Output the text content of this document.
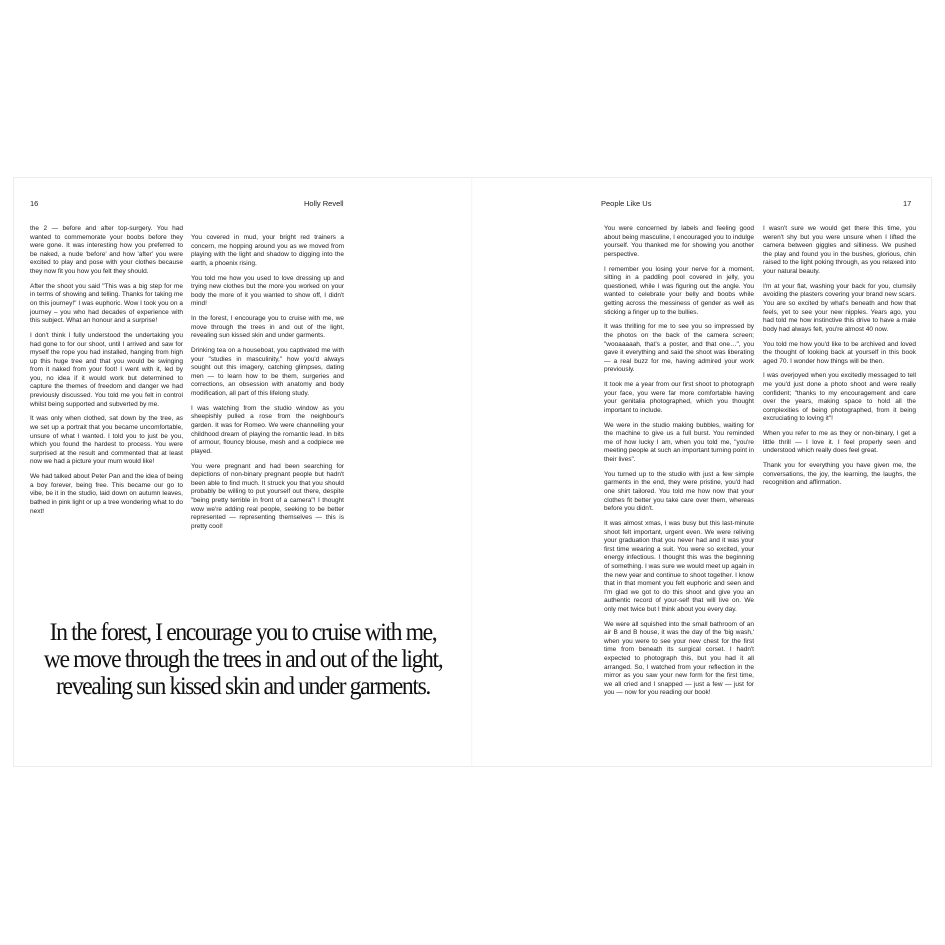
16	Holly Revell

the 2 — before and after top-surgery. You had wanted to commemorate your boobs before they were gone. It was interesting how you preferred to be naked, a nude 'before' and how 'after' you were excited to play and pose with your clothes because they now fit you how you felt they should.

After the shoot you said "This was a big step for me in terms of showing and telling. Thanks for taking me on this journey!" I was euphoric. Wow I took you on a journey – you who had decades of experience with this subject. What an honour and a surprise!

I don't think I fully understood the undertaking you had gone to for our shoot, until I arrived and saw for myself the rope you had installed, hanging from high up this huge tree and that you would be swinging from it naked from your foot! I went with it, led by you, no idea if it would work but determined to capture the themes of freedom and danger we had previously discussed. You told me you felt in control whilst being supported and subverted by me.

It was only when clothed, sat down by the tree, as we set up a portrait that you became uncomfortable, unsure of what I wanted. I told you to just be you, which you found the hardest to process. You were surprised at the result and commented that at least now we had a picture your mum would like!

We had talked about Peter Pan and the idea of being a boy forever, being free. This became our go to vibe, be it in the studio, laid down on autumn leaves, bathed in pink light or up a tree wondering what to do next!

You covered in mud, your bright red trainers a concern, me hopping around you as we moved from playing with the light and shadow to digging into the earth, a phoenix rising.

You told me how you used to love dressing up and trying new clothes but the more you worked on your body the more of it you wanted to show off, I didn't mind!

In the forest, I encourage you to cruise with me, we move through the trees in and out of the light, revealing sun kissed skin and under garments.

Drinking tea on a houseboat, you captivated me with your "studies in masculinity," how you'd always sought out this imagery, catching glimpses, dating men — to learn how to be them, surgeries and corrections, an obsession with anatomy and body modification, all part of this lifelong study.

I was watching from the studio window as you sheepishly pulled a rose from the neighbour's garden. It was for Romeo. We were channelling your childhood dream of playing the romantic lead. In bits of armour, flouncy blouse, mesh and a codpiece we played.

You were pregnant and had been searching for depictions of non-binary pregnant people but hadn't been able to find much. It struck you that you should probably be willing to put yourself out there, despite "being pretty terrible in front of a camera"! I thought wow we're adding real people, seeking to be better represented — representing themselves — this is pretty cool!

In the forest, I encourage you to cruise with me,
we move through the trees in and out of the light,
revealing sun kissed skin and under garments.
People Like Us	17

You were concerned by labels and feeling good about being masculine, I encouraged you to indulge yourself. You thanked me for showing you another perspective.

I remember you losing your nerve for a moment, sitting in a paddling pool covered in jelly, you questioned, while I was figuring out the angle. You wanted to celebrate your belly and boobs while getting across the messiness of gender as well as sticking a finger up to the bullies.

It was thrilling for me to see you so impressed by the photos on the back of the camera screen; "wooaaaaah, that's a poster, and that one…", you gave it everything and said the shoot was liberating — a real buzz for me, having admired your work previously.

It took me a year from our first shoot to photograph your face, you were far more comfortable having your genitalia photographed, which you thought important to include.

We were in the studio making bubbles, waiting for the machine to give us a full burst. You reminded me of how lucky I am, when you told me, "you're meeting people at such an important turning point in their lives".

You turned up to the studio with just a few simple garments in the end, they were pristine, you'd had one shirt tailored. You told me how now that your clothes fit better you take care over them, whereas before you didn't.

It was almost xmas, I was busy but this last-minute shoot felt important, urgent even. We were reliving your graduation that you never had and it was your first time wearing a suit. You were so excited, your energy infectious. I thought this was the beginning of something. I was sure we would meet up again in the new year and continue to shoot together. I know that in that moment you felt euphoric and seen and I'm glad we got to do this shoot and give you an authentic record of your-self that will live on. We only met twice but I think about you every day.

We were all squished into the small bathroom of an air B and B house, it was the day of the 'big wash,' when you were to see your new chest for the first time from beneath its surgical corset. I hadn't expected to photograph this, but you had it all arranged. So, I watched from your reflection in the mirror as you saw your new form for the first time, we all cried and I snapped — just a few — just for you — now for you reading our book!

I wasn't sure we would get there this time, you weren't shy but you were unsure when I lifted the camera between giggles and silliness. We pushed the play and found you in the bushes, glorious, chin raised to the light poking through, as you relaxed into your natural beauty.

I'm at your flat, washing your back for you, clumsily avoiding the plasters covering your brand new scars. You are so excited by what's beneath and how that feels, yet to see your new nipples. Years ago, you had told me how instinctive this drive to have a male body had always felt, you're almost 40 now.

You told me how you'd like to be archived and loved the thought of looking back at yourself in this book aged 70. I wonder how things will be then.

I was overjoyed when you excitedly messaged to tell me you'd just done a photo shoot and were really confident; "thanks to my encouragement and care over the years, making space to hold all the complexities of being photographed, from it being excruciating to loving it"!

When you refer to me as they or non-binary, I get a little thrill — I love it. I feel properly seen and understood which really does feel great.

Thank you for everything you have given me, the conversations, the joy, the learning, the laughs, the recognition and affirmation.
